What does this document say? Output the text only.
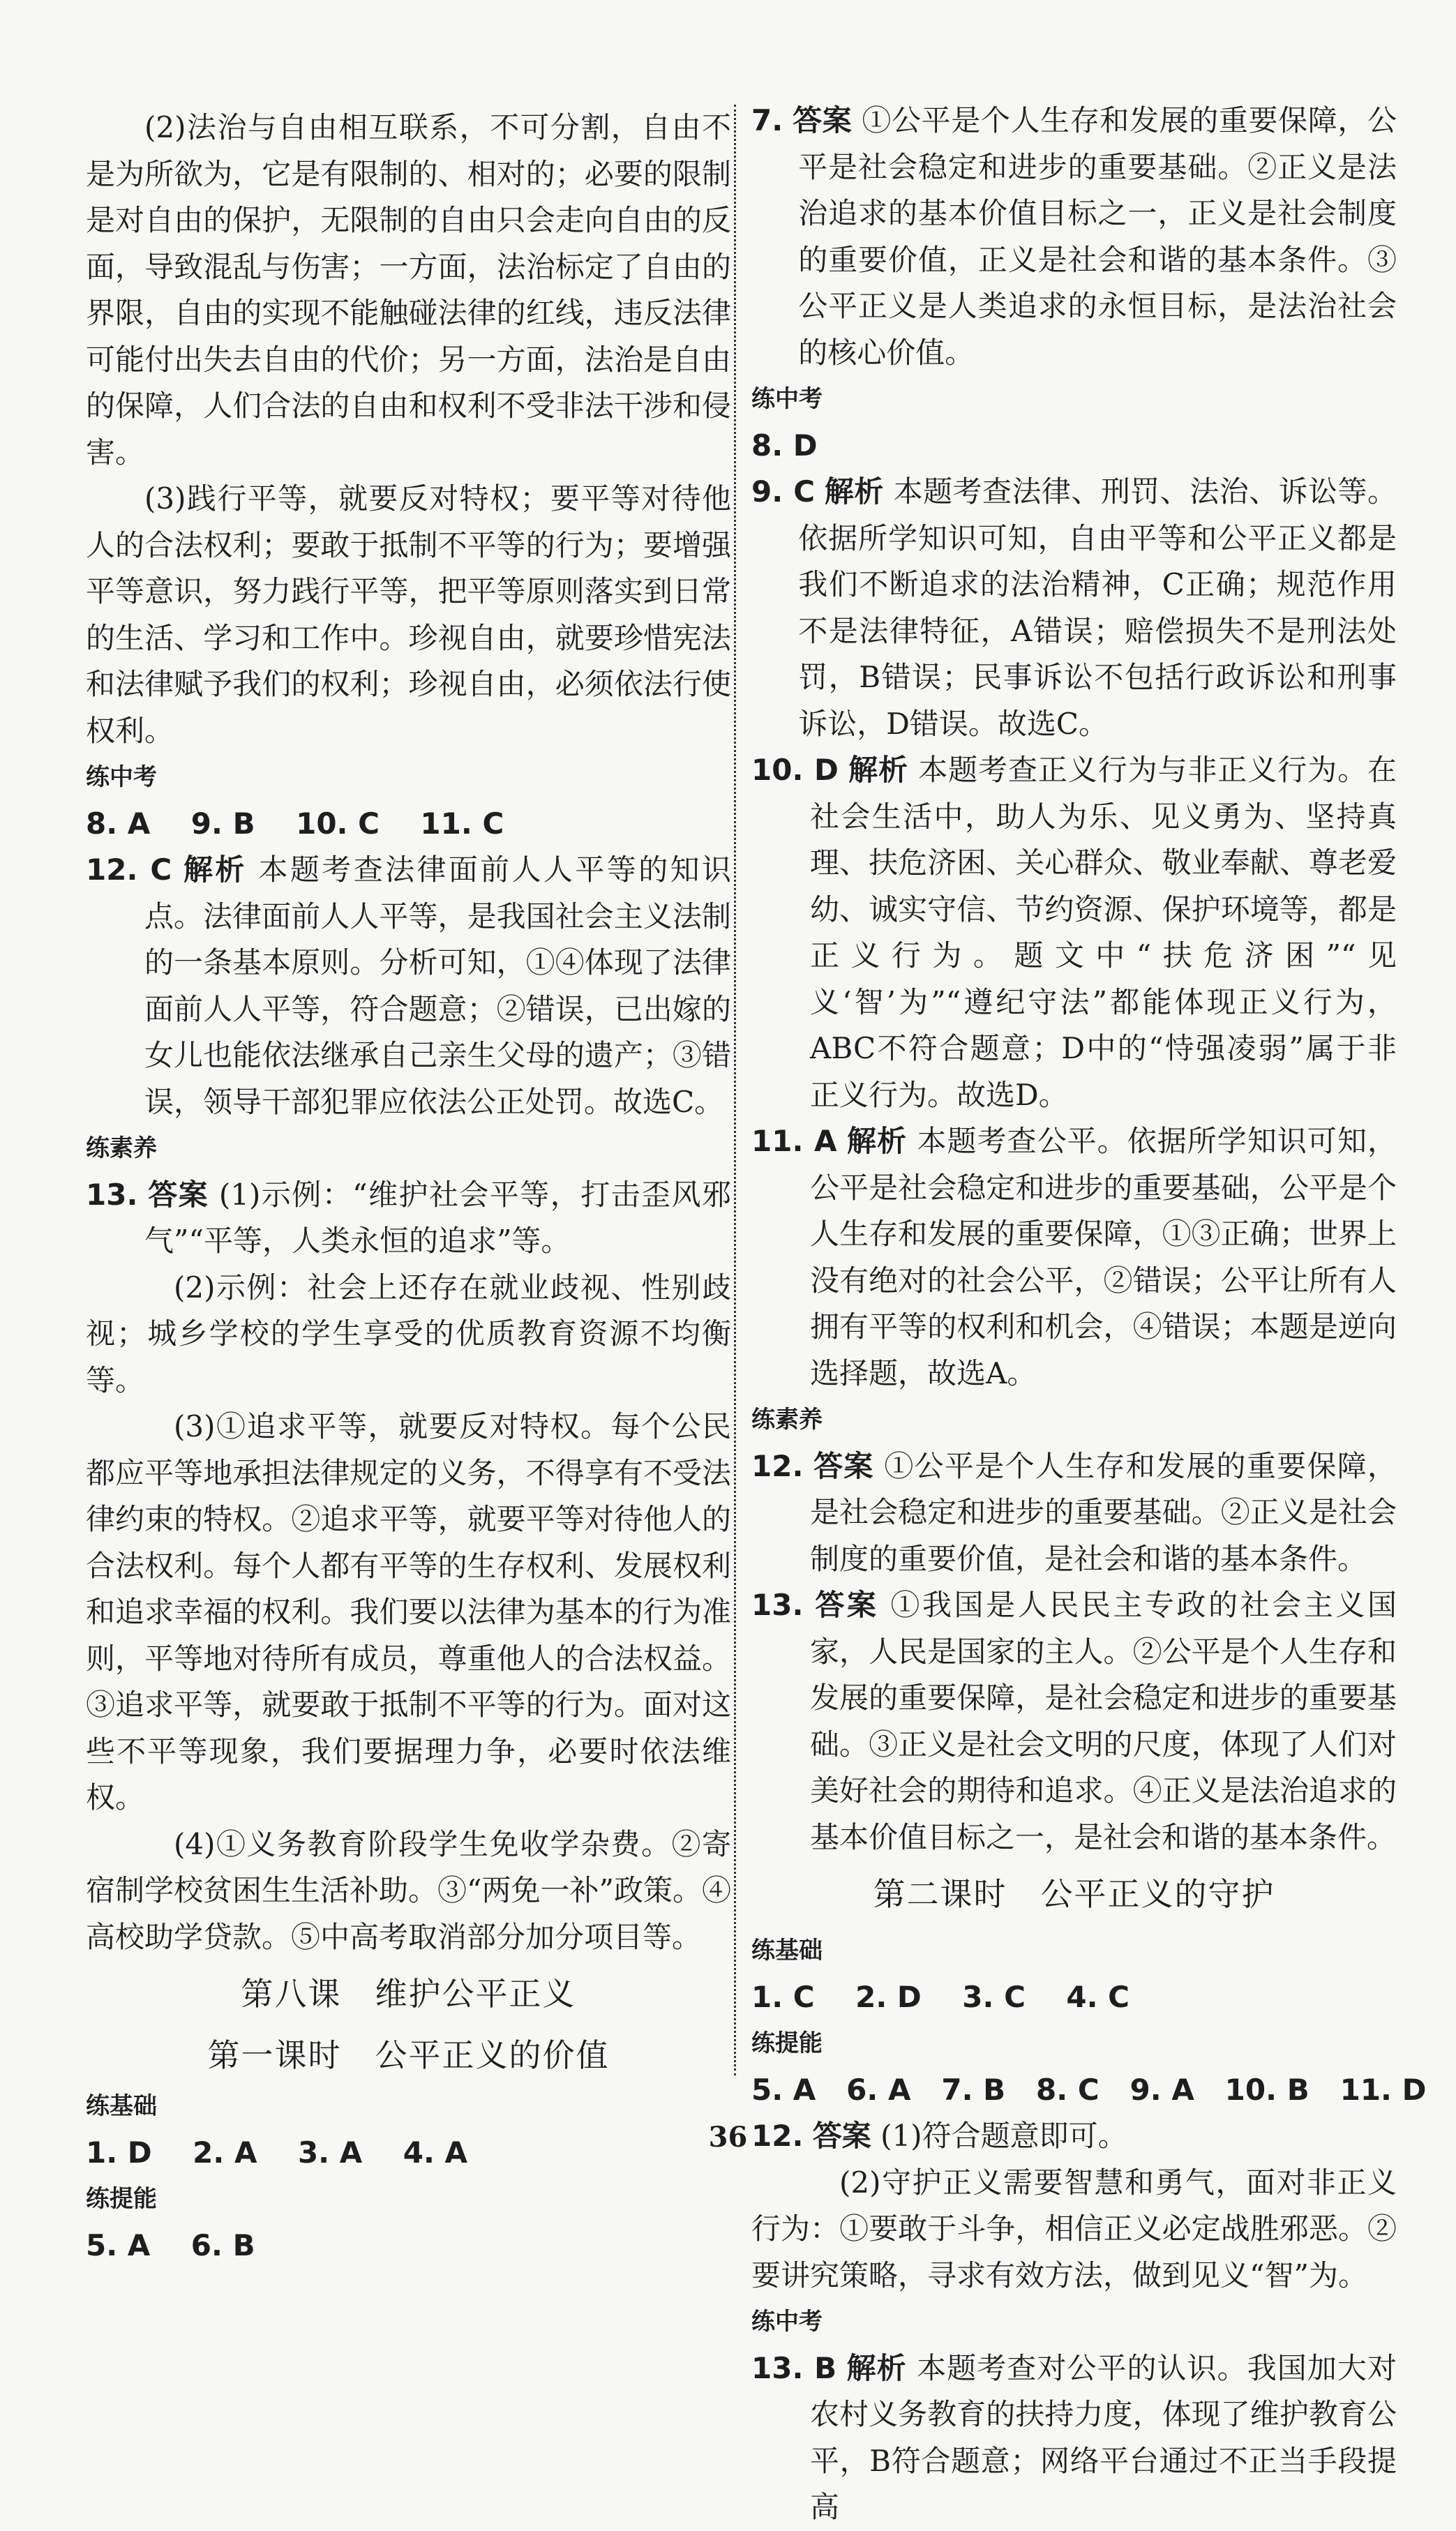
(2)法治与自由相互联系，不可分割，自由不是为所欲为，它是有限制的、相对的；必要的限制是对自由的保护，无限制的自由只会走向自由的反面，导致混乱与伤害；一方面，法治标定了自由的界限，自由的实现不能触碰法律的红线，违反法律可能付出失去自由的代价；另一方面，法治是自由的保障，人们合法的自由和权利不受非法干涉和侵害。

(3)践行平等，就要反对特权；要平等对待他人的合法权利；要敢于抵制不平等的行为；要增强平等意识，努力践行平等，把平等原则落实到日常的生活、学习和工作中。珍视自由，就要珍惜宪法和法律赋予我们的权利；珍视自由，必须依法行使权利。

练中考

8. A    9. B    10. C    11. C

12. C 解析 本题考查法律面前人人平等的知识点。法律面前人人平等，是我国社会主义法制的一条基本原则。分析可知，①④体现了法律面前人人平等，符合题意；②错误，已出嫁的女儿也能依法继承自己亲生父母的遗产；③错误，领导干部犯罪应依法公正处罚。故选C。

练素养

13. 答案 (1)示例：“维护社会平等，打击歪风邪气”“平等，人类永恒的追求”等。

(2)示例：社会上还存在就业歧视、性别歧视；城乡学校的学生享受的优质教育资源不均衡等。

(3)①追求平等，就要反对特权。每个公民都应平等地承担法律规定的义务，不得享有不受法律约束的特权。②追求平等，就要平等对待他人的合法权利。每个人都有平等的生存权利、发展权利和追求幸福的权利。我们要以法律为基本的行为准则，平等地对待所有成员，尊重他人的合法权益。③追求平等，就要敢于抵制不平等的行为。面对这些不平等现象，我们要据理力争，必要时依法维权。

(4)①义务教育阶段学生免收学杂费。②寄宿制学校贫困生生活补助。③“两免一补”政策。④高校助学贷款。⑤中高考取消部分加分项目等。

第八课　维护公平正义
第一课时　公平正义的价值
练基础

1. D    2. A    3. A    4. A

练提能

5. A    6. B

7. 答案 ①公平是个人生存和发展的重要保障，公平是社会稳定和进步的重要基础。②正义是法治追求的基本价值目标之一，正义是社会制度的重要价值，正义是社会和谐的基本条件。③公平正义是人类追求的永恒目标，是法治社会的核心价值。

练中考

8. D

9. C 解析 本题考查法律、刑罚、法治、诉讼等。依据所学知识可知，自由平等和公平正义都是我们不断追求的法治精神，C正确；规范作用不是法律特征，A错误；赔偿损失不是刑法处罚，B错误；民事诉讼不包括行政诉讼和刑事诉讼，D错误。故选C。

10. D 解析 本题考查正义行为与非正义行为。在社会生活中，助人为乐、见义勇为、坚持真理、扶危济困、关心群众、敬业奉献、尊老爱幼、诚实守信、节约资源、保护环境等，都是正义行为。题文中“扶危济困”“见义‘智’为”“遵纪守法”都能体现正义行为，ABC不符合题意；D中的“恃强凌弱”属于非正义行为。故选D。

11. A 解析 本题考查公平。依据所学知识可知，公平是社会稳定和进步的重要基础，公平是个人生存和发展的重要保障，①③正确；世界上没有绝对的社会公平，②错误；公平让所有人拥有平等的权利和机会，④错误；本题是逆向选择题，故选A。

练素养

12. 答案 ①公平是个人生存和发展的重要保障，是社会稳定和进步的重要基础。②正义是社会制度的重要价值，是社会和谐的基本条件。

13. 答案 ①我国是人民民主专政的社会主义国家，人民是国家的主人。②公平是个人生存和发展的重要保障，是社会稳定和进步的重要基础。③正义是社会文明的尺度，体现了人们对美好社会的期待和追求。④正义是法治追求的基本价值目标之一，是社会和谐的基本条件。

第二课时　公平正义的守护
练基础

1. C    2. D    3. C    4. C

练提能

5. A   6. A   7. B   8. C   9. A   10. B   11. D

12. 答案 (1)符合题意即可。

(2)守护正义需要智慧和勇气，面对非正义行为：①要敢于斗争，相信正义必定战胜邪恶。②要讲究策略，寻求有效方法，做到见义“智”为。

练中考

13. B 解析 本题考查对公平的认识。我国加大对农村义务教育的扶持力度，体现了维护教育公平，B符合题意；网络平台通过不正当手段提高

36
